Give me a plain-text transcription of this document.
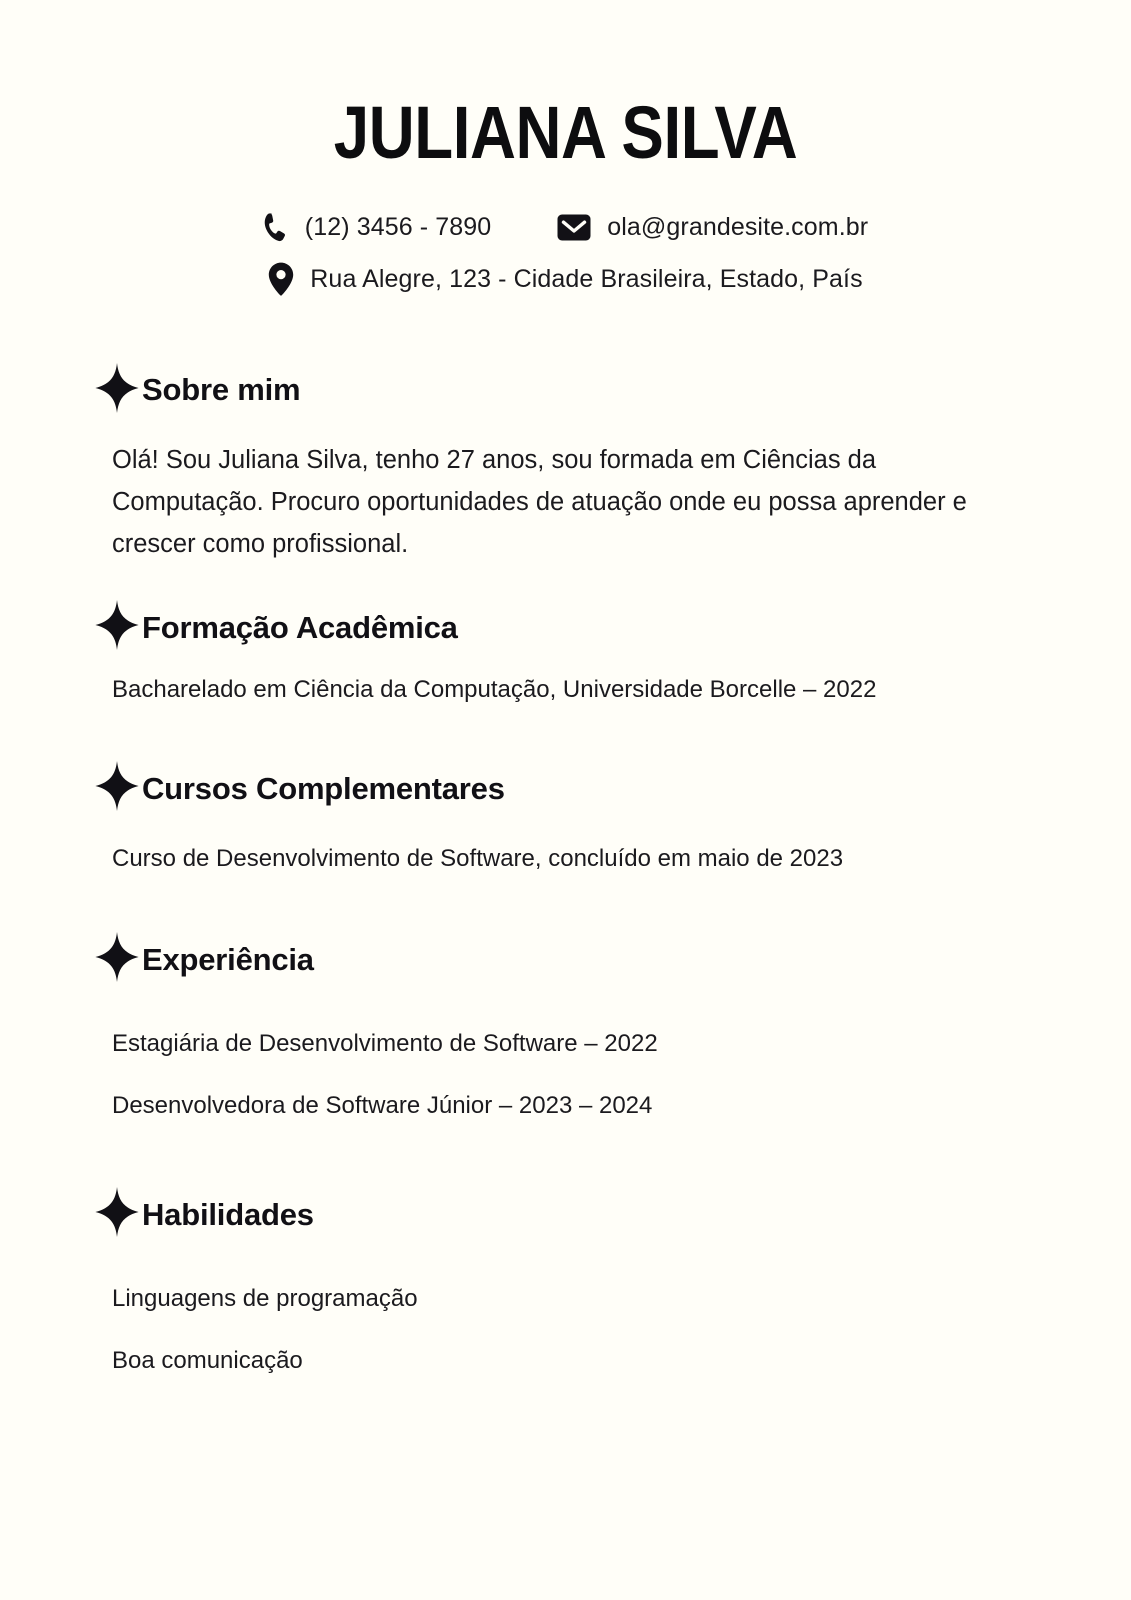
JULIANA SILVA
(12) 3456 - 7890	ola@grandesite.com.br
Rua Alegre, 123 - Cidade Brasileira, Estado, País
Sobre mim

Olá! Sou Juliana Silva, tenho 27 anos, sou formada em Ciências da Computação. Procuro oportunidades de atuação onde eu possa aprender e crescer como profissional.

Formação Acadêmica

Bacharelado em Ciência da Computação, Universidade Borcelle – 2022

Cursos Complementares

Curso de Desenvolvimento de Software, concluído em maio de 2023

Experiência

Estagiária de Desenvolvimento de Software – 2022

Desenvolvedora de Software Júnior – 2023 – 2024

Habilidades

Linguagens de programação

Boa comunicação
